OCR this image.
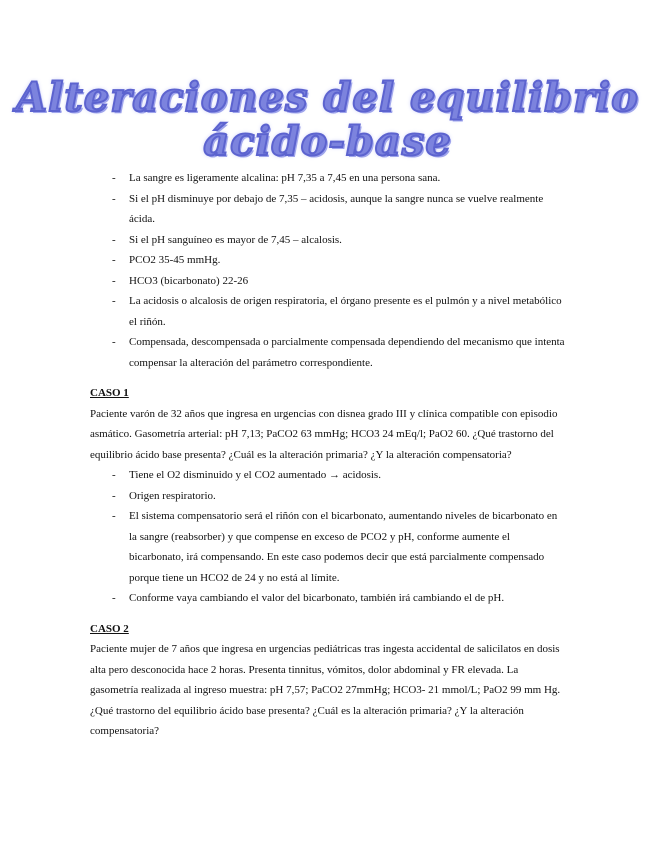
Alteraciones del equilibrio
ácido-base
- La sangre es ligeramente alcalina: pH 7,35 a 7,45 en una persona sana.
- Si el pH disminuye por debajo de 7,35 – acidosis, aunque la sangre nunca se vuelve realmente ácida.
- Si el pH sanguíneo es mayor de 7,45 – alcalosis.
- PCO2 35-45 mmHg.
- HCO3 (bicarbonato) 22-26
- La acidosis o alcalosis de origen respiratoria, el órgano presente es el pulmón y a nivel metabólico el riñón.
- Compensada, descompensada o parcialmente compensada dependiendo del mecanismo que intenta compensar la alteración del parámetro correspondiente.
CASO 1

Paciente varón de 32 años que ingresa en urgencias con disnea grado III y clínica compatible con episodio asmático. Gasometría arterial: pH 7,13; PaCO2 63 mmHg; HCO3 24 mEq/l; PaO2 60. ¿Qué trastorno del equilibrio ácido base presenta? ¿Cuál es la alteración primaria? ¿Y la alteración compensatoria?

- Tiene el O2 disminuido y el CO2 aumentado → acidosis.
- Origen respiratorio.
- El sistema compensatorio será el riñón con el bicarbonato, aumentando niveles de bicarbonato en la sangre (reabsorber) y que compense en exceso de PCO2 y pH, conforme aumente el bicarbonato, irá compensando. En este caso podemos decir que está parcialmente compensado porque tiene un HCO2 de 24 y no está al límite.
- Conforme vaya cambiando el valor del bicarbonato, también irá cambiando el de pH.
CASO 2

Paciente mujer de 7 años que ingresa en urgencias pediátricas tras ingesta accidental de salicilatos en dosis alta pero desconocida hace 2 horas. Presenta tinnitus, vómitos, dolor abdominal y FR elevada. La gasometría realizada al ingreso muestra: pH 7,57; PaCO2 27mmHg; HCO3- 21 mmol/L; PaO2 99 mm Hg. ¿Qué trastorno del equilibrio ácido base presenta? ¿Cuál es la alteración primaria? ¿Y la alteración compensatoria?
